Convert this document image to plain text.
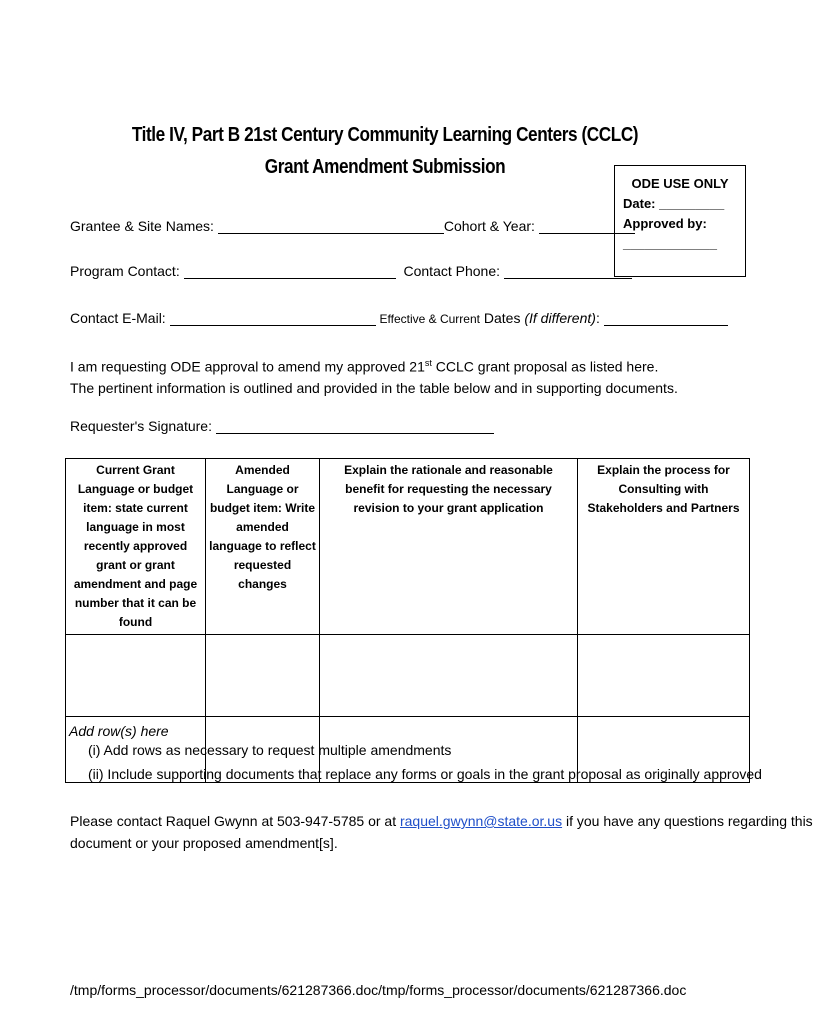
Title IV, Part B 21st Century Community Learning Centers (CCLC)
Grant Amendment Submission
ODE USE ONLY
Date: _________
Approved by:
_____________
Grantee & Site Names:	Cohort & Year:
Program Contact:	Contact Phone:
Contact E-Mail:	Effective & Current Dates (If different):
I am requesting ODE approval to amend my approved 21st CCLC grant proposal as listed here.
The pertinent information is outlined and provided in the table below and in supporting documents.
Requester's Signature:
Current Grant Language or budget item: state current language in most recently approved grant or grant amendment and page number that it can be found	Amended Language or budget item: Write amended language to reflect requested changes	Explain the rationale and reasonable benefit for requesting the necessary revision to your grant application	Explain the process for Consulting with Stakeholders and Partners

Add row(s) here			

(i) Add rows as necessary to request multiple amendments
(ii) Include supporting documents that replace any forms or goals in the grant proposal as originally approved
Please contact Raquel Gwynn at 503-947-5785 or at raquel.gwynn@state.or.us if you have any questions regarding this
document or your proposed amendment[s].
/tmp/forms_processor/documents/621287366.doc/tmp/forms_processor/documents/621287366.doc
